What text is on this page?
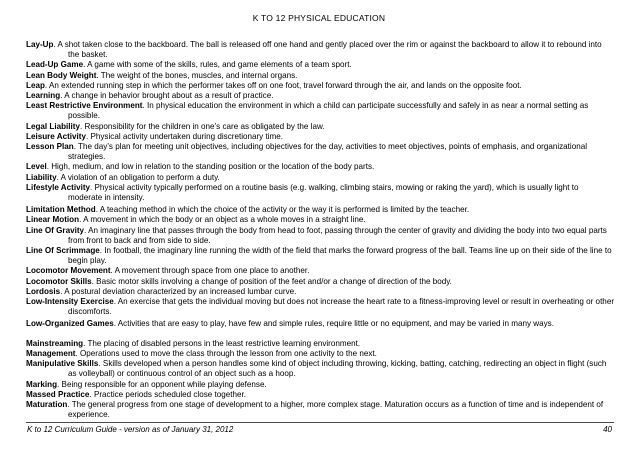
K TO 12 PHYSICAL EDUCATION
Lay-Up. A shot taken close to the backboard. The ball is released off one hand and gently placed over the rim or against the backboard to allow it to rebound into the basket.
Lead-Up Game. A game with some of the skills, rules, and game elements of a team sport.
Lean Body Weight. The weight of the bones, muscles, and internal organs.
Leap. An extended running step in which the performer takes off on one foot, travel forward through the air, and lands on the opposite foot.
Learning. A change in behavior brought about as a result of practice.
Least Restrictive Environment. In physical education the environment in which a child can participate successfully and safely in as near a normal setting as possible.
Legal Liability. Responsibility for the children in one’s care as obligated by the law.
Leisure Activity. Physical activity undertaken during discretionary time.
Lesson Plan. The day’s plan for meeting unit objectives, including objectives for the day, activities to meet objectives, points of emphasis, and organizational strategies.
Level. High, medium, and low in relation to the standing position or the location of the body parts.
Liability. A violation of an obligation to perform a duty.
Lifestyle Activity. Physical activity typically performed on a routine basis (e.g. walking, climbing stairs, mowing or raking the yard), which is usually light to moderate in intensity.
Limitation Method. A teaching method in which the choice of the activity or the way it is performed is limited by the teacher.
Linear Motion. A movement in which the body or an object as a whole moves in a straight line.
Line Of Gravity. An imaginary line that passes through the body from head to foot, passing through the center of gravity and dividing the body into two equal parts from front to back and from side to side.
Line Of Scrimmage. In football, the imaginary line running the width of the field that marks the forward progress of the ball. Teams line up on their side of the line to begin play.
Locomotor Movement. A movement through space from one place to another.
Locomotor Skills. Basic motor skills involving a change of position of the feet and/or a change of direction of the body.
Lordosis. A postural deviation characterized by an increased lumbar curve.
Low-Intensity Exercise. An exercise that gets the individual moving but does not increase the heart rate to a fitness-improving level or result in overheating or other discomforts.
Low-Organized Games. Activities that are easy to play, have few and simple rules, require little or no equipment, and may be varied in many ways.
Mainstreaming. The placing of disabled persons in the least restrictive learning environment.
Management. Operations used to move the class through the lesson from one activity to the next.
Manipulative Skills. Skills developed when a person handles some kind of object including throwing, kicking, batting, catching, redirecting an object in flight (such as volleyball) or continuous control of an object such as a hoop.
Marking. Being responsible for an opponent while playing defense.
Massed Practice. Practice periods scheduled close together.
Maturation. The general progress from one stage of development to a higher, more complex stage. Maturation occurs as a function of time and is independent of experience.
K to 12 Curriculum Guide - version as of January 31, 2012	40
